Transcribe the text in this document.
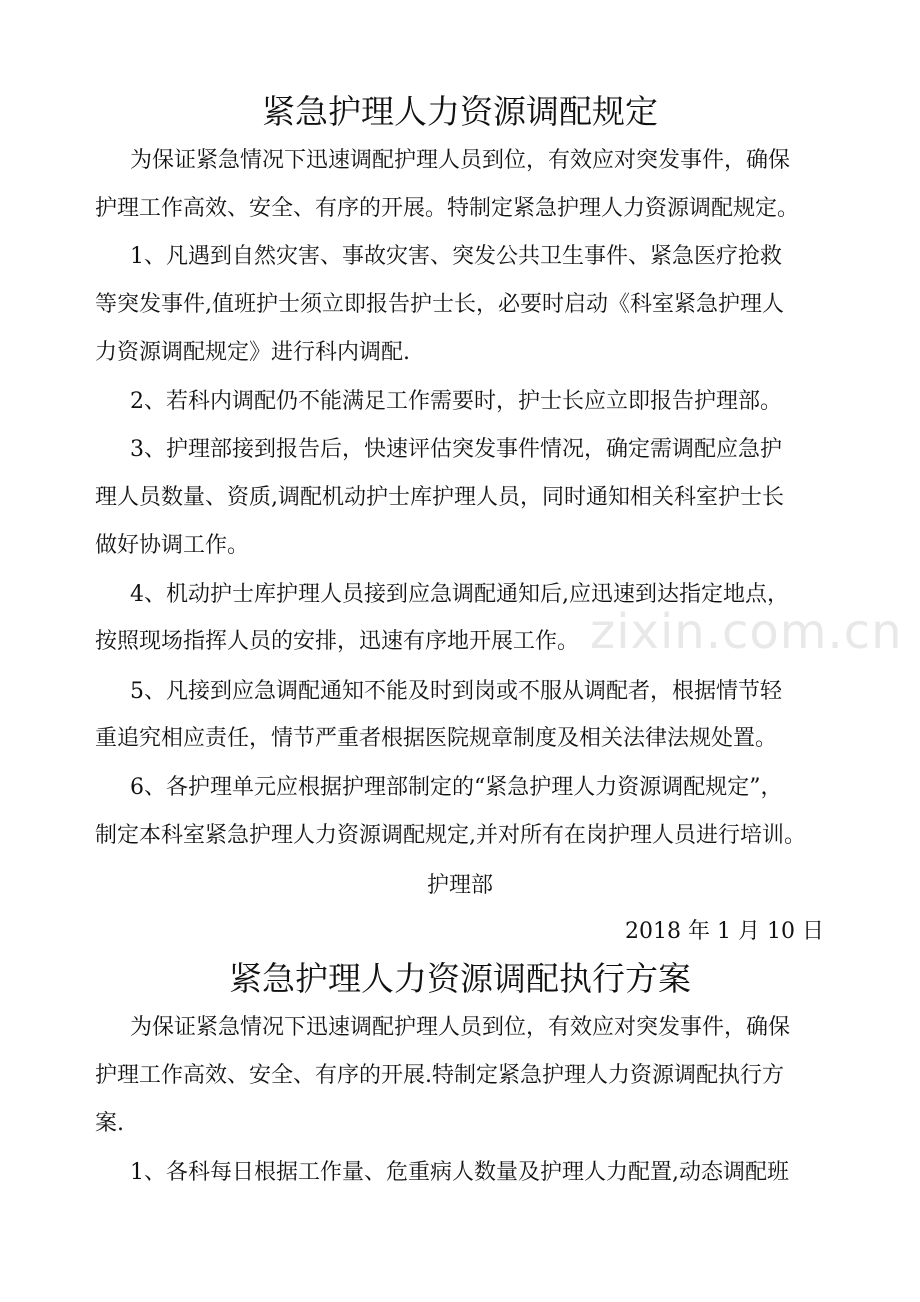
紧急护理人力资源调配规定
为保证紧急情况下迅速调配护理人员到位，有效应对突发事件，确保
护理工作高效、安全、有序的开展。特制定紧急护理人力资源调配规定。
1、凡遇到自然灾害、事故灾害、突发公共卫生事件、紧急医疗抢救
等突发事件,值班护士须立即报告护士长，必要时启动《科室紧急护理人
力资源调配规定》进行科内调配.
2、若科内调配仍不能满足工作需要时，护士长应立即报告护理部。
3、护理部接到报告后，快速评估突发事件情况，确定需调配应急护
理人员数量、资质,调配机动护士库护理人员，同时通知相关科室护士长
做好协调工作。
4、机动护士库护理人员接到应急调配通知后,应迅速到达指定地点，
按照现场指挥人员的安排，迅速有序地开展工作。
5、凡接到应急调配通知不能及时到岗或不服从调配者，根据情节轻
重追究相应责任，情节严重者根据医院规章制度及相关法律法规处置。
6、各护理单元应根据护理部制定的“紧急护理人力资源调配规定”，
制定本科室紧急护理人力资源调配规定,并对所有在岗护理人员进行培训。
护理部
2018 年 1 月 10 日
紧急护理人力资源调配执行方案
为保证紧急情况下迅速调配护理人员到位，有效应对突发事件，确保
护理工作高效、安全、有序的开展.特制定紧急护理人力资源调配执行方
案.
1、各科每日根据工作量、危重病人数量及护理人力配置,动态调配班
zixin.com.cn
